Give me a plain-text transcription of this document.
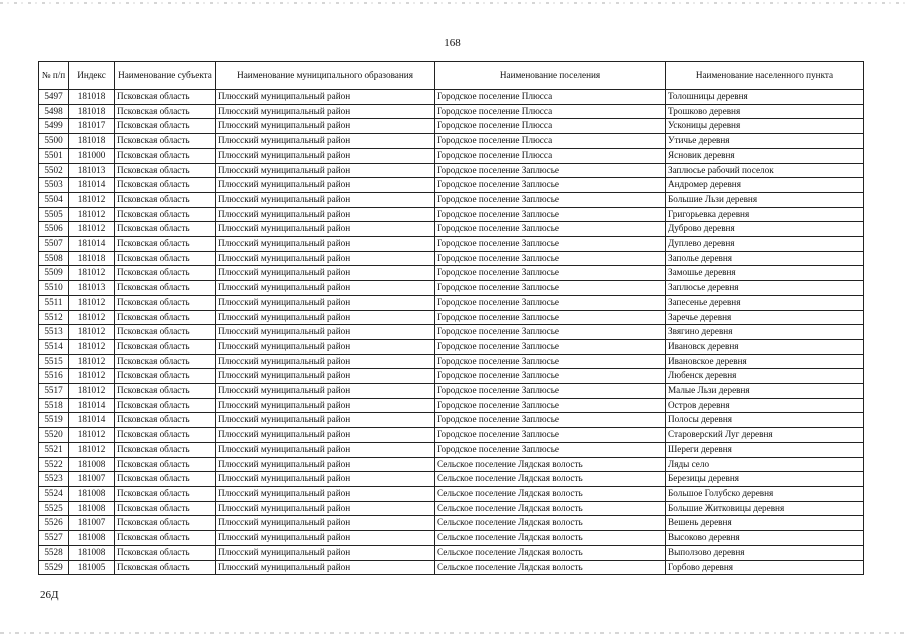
168
№ п/п	Индекс	Наименование субъекта	Наименование муниципального образования	Наименование поселения	Наименование населенного пункта
5497	181018	Псковская область	Плюсский муниципальный район	Городское поселение Плюсса	Толошницы деревня
5498	181018	Псковская область	Плюсский муниципальный район	Городское поселение Плюсса	Трошково деревня
5499	181017	Псковская область	Плюсский муниципальный район	Городское поселение Плюсса	Усконицы деревня
5500	181018	Псковская область	Плюсский муниципальный район	Городское поселение Плюсса	Утичье деревня
5501	181000	Псковская область	Плюсский муниципальный район	Городское поселение Плюсса	Ясновик деревня
5502	181013	Псковская область	Плюсский муниципальный район	Городское поселение Заплюсье	Заплюсье рабочий поселок
5503	181014	Псковская область	Плюсский муниципальный район	Городское поселение Заплюсье	Андромер деревня
5504	181012	Псковская область	Плюсский муниципальный район	Городское поселение Заплюсье	Большие Льзи деревня
5505	181012	Псковская область	Плюсский муниципальный район	Городское поселение Заплюсье	Григорьевка деревня
5506	181012	Псковская область	Плюсский муниципальный район	Городское поселение Заплюсье	Дуброво деревня
5507	181014	Псковская область	Плюсский муниципальный район	Городское поселение Заплюсье	Дуплево деревня
5508	181018	Псковская область	Плюсский муниципальный район	Городское поселение Заплюсье	Заполье деревня
5509	181012	Псковская область	Плюсский муниципальный район	Городское поселение Заплюсье	Замошье деревня
5510	181013	Псковская область	Плюсский муниципальный район	Городское поселение Заплюсье	Заплюсье деревня
5511	181012	Псковская область	Плюсский муниципальный район	Городское поселение Заплюсье	Запесенье деревня
5512	181012	Псковская область	Плюсский муниципальный район	Городское поселение Заплюсье	Заречье деревня
5513	181012	Псковская область	Плюсский муниципальный район	Городское поселение Заплюсье	Звягино деревня
5514	181012	Псковская область	Плюсский муниципальный район	Городское поселение Заплюсье	Ивановск деревня
5515	181012	Псковская область	Плюсский муниципальный район	Городское поселение Заплюсье	Ивановское деревня
5516	181012	Псковская область	Плюсский муниципальный район	Городское поселение Заплюсье	Любенск деревня
5517	181012	Псковская область	Плюсский муниципальный район	Городское поселение Заплюсье	Малые Льзи деревня
5518	181014	Псковская область	Плюсский муниципальный район	Городское поселение Заплюсье	Остров деревня
5519	181014	Псковская область	Плюсский муниципальный район	Городское поселение Заплюсье	Полосы деревня
5520	181012	Псковская область	Плюсский муниципальный район	Городское поселение Заплюсье	Староверский Луг деревня
5521	181012	Псковская область	Плюсский муниципальный район	Городское поселение Заплюсье	Шереги деревня
5522	181008	Псковская область	Плюсский муниципальный район	Сельское поселение Лядская волость	Ляды село
5523	181007	Псковская область	Плюсский муниципальный район	Сельское поселение Лядская волость	Березицы деревня
5524	181008	Псковская область	Плюсский муниципальный район	Сельское поселение Лядская волость	Большое Голубско деревня
5525	181008	Псковская область	Плюсский муниципальный район	Сельское поселение Лядская волость	Большие Житковицы деревня
5526	181007	Псковская область	Плюсский муниципальный район	Сельское поселение Лядская волость	Вешень деревня
5527	181008	Псковская область	Плюсский муниципальный район	Сельское поселение Лядская волость	Высоково деревня
5528	181008	Псковская область	Плюсский муниципальный район	Сельское поселение Лядская волость	Выползово деревня
5529	181005	Псковская область	Плюсский муниципальный район	Сельское поселение Лядская волость	Горбово деревня
26Д
